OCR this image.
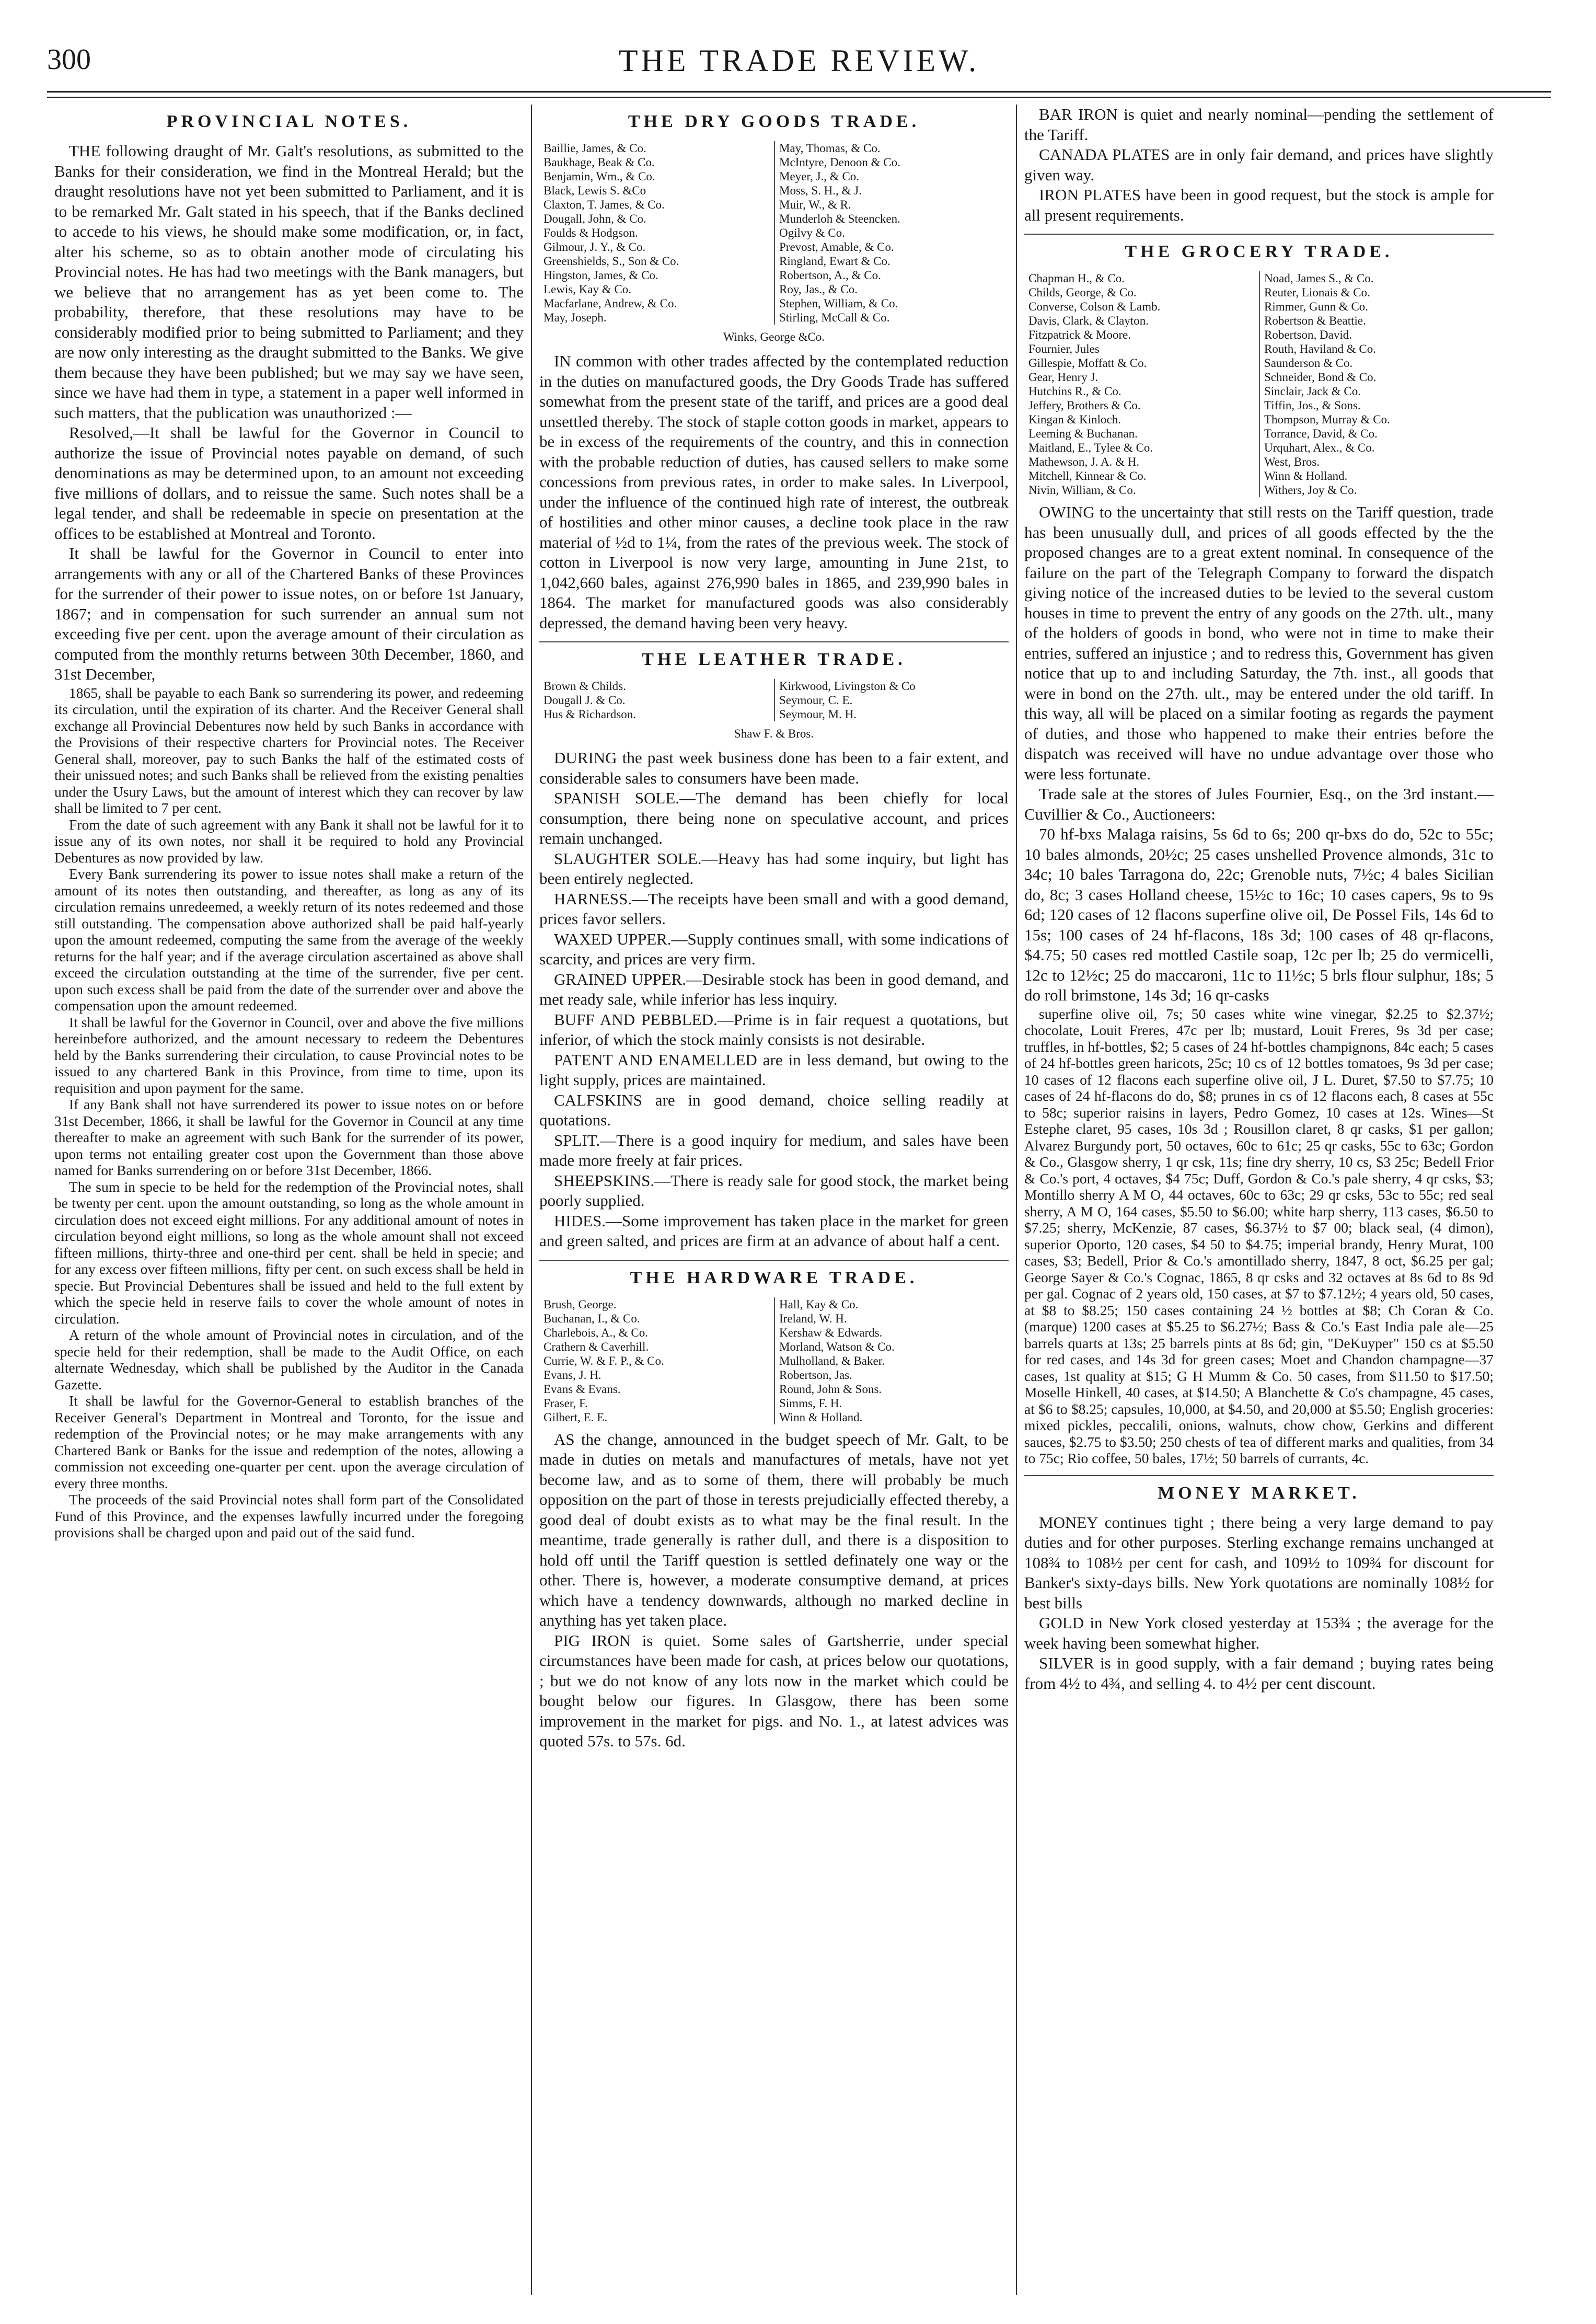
300	THE TRADE REVIEW.
PROVINCIAL NOTES.

THE following draught of Mr. Galt's resolutions, as submitted to the Banks for their consideration, we find in the Montreal Herald; but the draught resolutions have not yet been submitted to Parliament, and it is to be remarked Mr. Galt stated in his speech, that if the Banks declined to accede to his views, he should make some modification, or, in fact, alter his scheme, so as to obtain another mode of circulating his Provincial notes. He has had two meetings with the Bank managers, but we believe that no arrangement has as yet been come to. The probability, therefore, that these resolutions may have to be considerably modified prior to being submitted to Parliament; and they are now only interesting as the draught submitted to the Banks. We give them because they have been published; but we may say we have seen, since we have had them in type, a statement in a paper well informed in such matters, that the publication was unauthorized :—

Resolved,—It shall be lawful for the Governor in Council to authorize the issue of Provincial notes payable on demand, of such denominations as may be determined upon, to an amount not exceeding five millions of dollars, and to reissue the same. Such notes shall be a legal tender, and shall be redeemable in specie on presentation at the offices to be established at Montreal and Toronto.

It shall be lawful for the Governor in Council to enter into arrangements with any or all of the Chartered Banks of these Provinces for the surrender of their power to issue notes, on or before 1st January, 1867; and in compensation for such surrender an annual sum not exceeding five per cent. upon the average amount of their circulation as computed from the monthly returns between 30th December, 1860, and 31st December,

1865, shall be payable to each Bank so surrendering its power, and redeeming its circulation, until the expiration of its charter. And the Receiver General shall exchange all Provincial Debentures now held by such Banks in accordance with the Provisions of their respective charters for Provincial notes. The Receiver General shall, moreover, pay to such Banks the half of the estimated costs of their unissued notes; and such Banks shall be relieved from the existing penalties under the Usury Laws, but the amount of interest which they can recover by law shall be limited to 7 per cent.

From the date of such agreement with any Bank it shall not be lawful for it to issue any of its own notes, nor shall it be required to hold any Provincial Debentures as now provided by law.

Every Bank surrendering its power to issue notes shall make a return of the amount of its notes then outstanding, and thereafter, as long as any of its circulation remains unredeemed, a weekly return of its notes redeemed and those still outstanding. The compensation above authorized shall be paid half-yearly upon the amount redeemed, computing the same from the average of the weekly returns for the half year; and if the average circulation ascertained as above shall exceed the circulation outstanding at the time of the surrender, five per cent. upon such excess shall be paid from the date of the surrender over and above the compensation upon the amount redeemed.

It shall be lawful for the Governor in Council, over and above the five millions hereinbefore authorized, and the amount necessary to redeem the Debentures held by the Banks surrendering their circulation, to cause Provincial notes to be issued to any chartered Bank in this Province, from time to time, upon its requisition and upon payment for the same.

If any Bank shall not have surrendered its power to issue notes on or before 31st December, 1866, it shall be lawful for the Governor in Council at any time thereafter to make an agreement with such Bank for the surrender of its power, upon terms not entailing greater cost upon the Government than those above named for Banks surrendering on or before 31st December, 1866.

The sum in specie to be held for the redemption of the Provincial notes, shall be twenty per cent. upon the amount outstanding, so long as the whole amount in circulation does not exceed eight millions. For any additional amount of notes in circulation beyond eight millions, so long as the whole amount shall not exceed fifteen millions, thirty-three and one-third per cent. shall be held in specie; and for any excess over fifteen millions, fifty per cent. on such excess shall be held in specie. But Provincial Debentures shall be issued and held to the full extent by which the specie held in reserve fails to cover the whole amount of notes in circulation.

A return of the whole amount of Provincial notes in circulation, and of the specie held for their redemption, shall be made to the Audit Office, on each alternate Wednesday, which shall be published by the Auditor in the Canada Gazette.

It shall be lawful for the Governor-General to establish branches of the Receiver General's Department in Montreal and Toronto, for the issue and redemption of the Provincial notes; or he may make arrangements with any Chartered Bank or Banks for the issue and redemption of the notes, allowing a commission not exceeding one-quarter per cent. upon the average circulation of every three months.

The proceeds of the said Provincial notes shall form part of the Consolidated Fund of this Province, and the expenses lawfully incurred under the foregoing provisions shall be charged upon and paid out of the said fund.

THE DRY GOODS TRADE.
Baillie, James, & Co.
Baukhage, Beak & Co.
Benjamin, Wm., & Co.
Black, Lewis S. &Co
Claxton, T. James, & Co.
Dougall, John, & Co.
Foulds & Hodgson.
Gilmour, J. Y., & Co.
Greenshields, S., Son & Co.
Hingston, James, & Co.
Lewis, Kay & Co.
Macfarlane, Andrew, & Co.
May, Joseph.
May, Thomas, & Co.
McIntyre, Denoon & Co.
Meyer, J., & Co.
Moss, S. H., & J.
Muir, W., & R.
Munderloh & Steencken.
Ogilvy & Co.
Prevost, Amable, & Co.
Ringland, Ewart & Co.
Robertson, A., & Co.
Roy, Jas., & Co.
Stephen, William, & Co.
Stirling, McCall & Co.
Winks, George &Co.

IN common with other trades affected by the contemplated reduction in the duties on manufactured goods, the Dry Goods Trade has suffered somewhat from the present state of the tariff, and prices are a good deal unsettled thereby. The stock of staple cotton goods in market, appears to be in excess of the requirements of the country, and this in connection with the probable reduction of duties, has caused sellers to make some concessions from previous rates, in order to make sales. In Liverpool, under the influence of the continued high rate of interest, the outbreak of hostilities and other minor causes, a decline took place in the raw material of ½d to 1¼, from the rates of the previous week. The stock of cotton in Liverpool is now very large, amounting in June 21st, to 1,042,660 bales, against 276,990 bales in 1865, and 239,990 bales in 1864. The market for manufactured goods was also considerably depressed, the demand having been very heavy.

THE LEATHER TRADE.
Brown & Childs.
Dougall J. & Co.
Hus & Richardson.
Kirkwood, Livingston & Co
Seymour, C. E.
Seymour, M. H.
Shaw F. & Bros.

DURING the past week business done has been to a fair extent, and considerable sales to consumers have been made.

SPANISH SOLE.—The demand has been chiefly for local consumption, there being none on speculative account, and prices remain unchanged.

SLAUGHTER SOLE.—Heavy has had some inquiry, but light has been entirely neglected.

HARNESS.—The receipts have been small and with a good demand, prices favor sellers.

WAXED UPPER.—Supply continues small, with some indications of scarcity, and prices are very firm.

GRAINED UPPER.—Desirable stock has been in good demand, and met ready sale, while inferior has less inquiry.

BUFF AND PEBBLED.—Prime is in fair request a quotations, but inferior, of which the stock mainly consists is not desirable.

PATENT AND ENAMELLED are in less demand, but owing to the light supply, prices are maintained.

CALFSKINS are in good demand, choice selling readily at quotations.

SPLIT.—There is a good inquiry for medium, and sales have been made more freely at fair prices.

SHEEPSKINS.—There is ready sale for good stock, the market being poorly supplied.

HIDES.—Some improvement has taken place in the market for green and green salted, and prices are firm at an advance of about half a cent.

THE HARDWARE TRADE.
Brush, George.
Buchanan, I., & Co.
Charlebois, A., & Co.
Crathern & Caverhill.
Currie, W. & F. P., & Co.
Evans, J. H.
Evans & Evans.
Fraser, F.
Gilbert, E. E.
Hall, Kay & Co.
Ireland, W. H.
Kershaw & Edwards.
Morland, Watson & Co.
Mulholland, & Baker.
Robertson, Jas.
Round, John & Sons.
Simms, F. H.
Winn & Holland.

AS the change, announced in the budget speech of Mr. Galt, to be made in duties on metals and manufactures of metals, have not yet become law, and as to some of them, there will probably be much opposition on the part of those in terests prejudicially effected thereby, a good deal of doubt exists as to what may be the final result. In the meantime, trade generally is rather dull, and there is a disposition to hold off until the Tariff question is settled definately one way or the other. There is, however, a moderate consumptive demand, at prices which have a tendency downwards, although no marked decline in anything has yet taken place.

PIG IRON is quiet. Some sales of Gartsherrie, under special circumstances have been made for cash, at prices below our quotations, ; but we do not know of any lots now in the market which could be bought below our figures. In Glasgow, there has been some improvement in the market for pigs. and No. 1., at latest advices was quoted 57s. to 57s. 6d.

BAR IRON is quiet and nearly nominal—pending the settlement of the Tariff.

CANADA PLATES are in only fair demand, and prices have slightly given way.

IRON PLATES have been in good request, but the stock is ample for all present requirements.

THE GROCERY TRADE.
Chapman H., & Co.
Childs, George, & Co.
Converse, Colson & Lamb.
Davis, Clark, & Clayton.
Fitzpatrick & Moore.
Fournier, Jules
Gillespie, Moffatt & Co.
Gear, Henry J.
Hutchins R., & Co.
Jeffery, Brothers & Co.
Kingan & Kinloch.
Leeming & Buchanan.
Maitland, E., Tylee & Co.
Mathewson, J. A. & H.
Mitchell, Kinnear & Co.
Nivin, William, & Co.
Noad, James S., & Co.
Reuter, Lionais & Co.
Rimmer, Gunn & Co.
Robertson & Beattie.
Robertson, David.
Routh, Haviland & Co.
Saunderson & Co.
Schneider, Bond & Co.
Sinclair, Jack & Co.
Tiffin, Jos., & Sons.
Thompson, Murray & Co.
Torrance, David, & Co.
Urquhart, Alex., & Co.
West, Bros.
Winn & Holland.
Withers, Joy & Co.

OWING to the uncertainty that still rests on the Tariff question, trade has been unusually dull, and prices of all goods effected by the the proposed changes are to a great extent nominal. In consequence of the failure on the part of the Telegraph Company to forward the dispatch giving notice of the increased duties to be levied to the several custom houses in time to prevent the entry of any goods on the 27th. ult., many of the holders of goods in bond, who were not in time to make their entries, suffered an injustice ; and to redress this, Government has given notice that up to and including Saturday, the 7th. inst., all goods that were in bond on the 27th. ult., may be entered under the old tariff. In this way, all will be placed on a similar footing as regards the payment of duties, and those who happened to make their entries before the dispatch was received will have no undue advantage over those who were less fortunate.

Trade sale at the stores of Jules Fournier, Esq., on the 3rd instant.—Cuvillier & Co., Auctioneers:

70 hf-bxs Malaga raisins, 5s 6d to 6s; 200 qr-bxs do do, 52c to 55c; 10 bales almonds, 20½c; 25 cases unshelled Provence almonds, 31c to 34c; 10 bales Tarragona do, 22c; Grenoble nuts, 7½c; 4 bales Sicilian do, 8c; 3 cases Holland cheese, 15½c to 16c; 10 cases capers, 9s to 9s 6d; 120 cases of 12 flacons superfine olive oil, De Possel Fils, 14s 6d to 15s; 100 cases of 24 hf-flacons, 18s 3d; 100 cases of 48 qr-flacons, $4.75; 50 cases red mottled Castile soap, 12c per lb; 25 do vermicelli, 12c to 12½c; 25 do maccaroni, 11c to 11½c; 5 brls flour sulphur, 18s; 5 do roll brimstone, 14s 3d; 16 qr-casks

superfine olive oil, 7s; 50 cases white wine vinegar, $2.25 to $2.37½; chocolate, Louit Freres, 47c per lb; mustard, Louit Freres, 9s 3d per case; truffles, in hf-bottles, $2; 5 cases of 24 hf-bottles champignons, 84c each; 5 cases of 24 hf-bottles green haricots, 25c; 10 cs of 12 bottles tomatoes, 9s 3d per case; 10 cases of 12 flacons each superfine olive oil, J L. Duret, $7.50 to $7.75; 10 cases of 24 hf-flacons do do, $8; prunes in cs of 12 flacons each, 8 cases at 55c to 58c; superior raisins in layers, Pedro Gomez, 10 cases at 12s. Wines—St Estephe claret, 95 cases, 10s 3d ; Rousillon claret, 8 qr casks, $1 per gallon; Alvarez Burgundy port, 50 octaves, 60c to 61c; 25 qr casks, 55c to 63c; Gordon & Co., Glasgow sherry, 1 qr csk, 11s; fine dry sherry, 10 cs, $3 25c; Bedell Frior & Co.'s port, 4 octaves, $4 75c; Duff, Gordon & Co.'s pale sherry, 4 qr csks, $3; Montillo sherry A M O, 44 octaves, 60c to 63c; 29 qr csks, 53c to 55c; red seal sherry, A M O, 164 cases, $5.50 to $6.00; white harp sherry, 113 cases, $6.50 to $7.25; sherry, McKenzie, 87 cases, $6.37½ to $7 00; black seal, (4 dimon), superior Oporto, 120 cases, $4 50 to $4.75; imperial brandy, Henry Murat, 100 cases, $3; Bedell, Prior & Co.'s amontillado sherry, 1847, 8 oct, $6.25 per gal; George Sayer & Co.'s Cognac, 1865, 8 qr csks and 32 octaves at 8s 6d to 8s 9d per gal. Cognac of 2 years old, 150 cases, at $7 to $7.12½; 4 years old, 50 cases, at $8 to $8.25; 150 cases containing 24 ½ bottles at $8; Ch Coran & Co. (marque) 1200 cases at $5.25 to $6.27½; Bass & Co.'s East India pale ale—25 barrels quarts at 13s; 25 barrels pints at 8s 6d; gin, "DeKuyper" 150 cs at $5.50 for red cases, and 14s 3d for green cases; Moet and Chandon champagne—37 cases, 1st quality at $15; G H Mumm & Co. 50 cases, from $11.50 to $17.50; Moselle Hinkell, 40 cases, at $14.50; A Blanchette & Co's champagne, 45 cases, at $6 to $8.25; capsules, 10,000, at $4.50, and 20,000 at $5.50; English groceries: mixed pickles, peccalili, onions, walnuts, chow chow, Gerkins and different sauces, $2.75 to $3.50; 250 chests of tea of different marks and qualities, from 34 to 75c; Rio coffee, 50 bales, 17½; 50 barrels of currants, 4c.

MONEY MARKET.

MONEY continues tight ; there being a very large demand to pay duties and for other purposes. Sterling exchange remains unchanged at 108¾ to 108½ per cent for cash, and 109½ to 109¾ for discount for Banker's sixty-days bills. New York quotations are nominally 108½ for best bills

GOLD in New York closed yesterday at 153¾ ; the average for the week having been somewhat higher.

SILVER is in good supply, with a fair demand ; buying rates being from 4½ to 4¾, and selling 4. to 4½ per cent discount.
